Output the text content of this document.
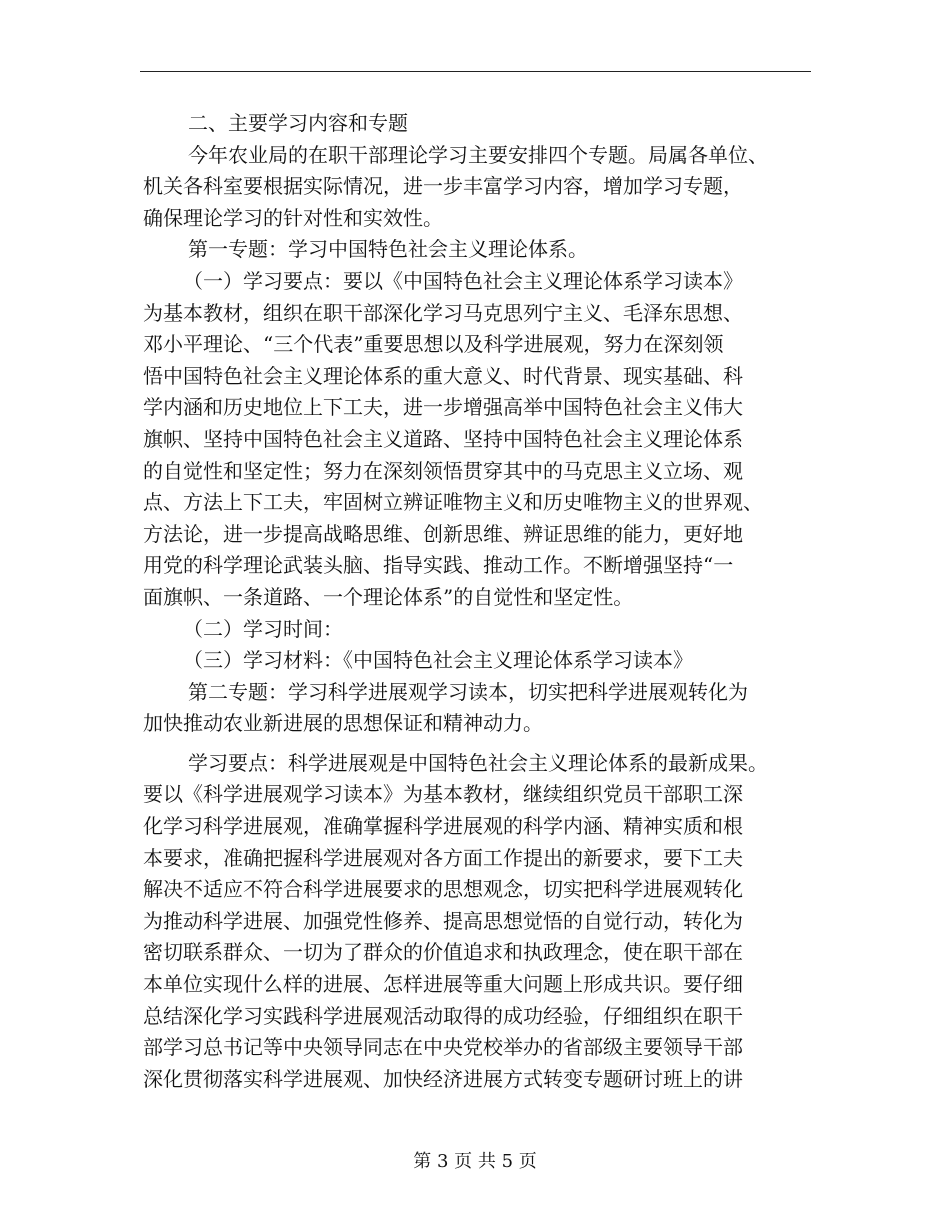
二、主要学习内容和专题
今年农业局的在职干部理论学习主要安排四个专题。局属各单位、
机关各科室要根据实际情况，进一步丰富学习内容，增加学习专题，
确保理论学习的针对性和实效性。
第一专题：学习中国特色社会主义理论体系。
（一）学习要点：要以《中国特色社会主义理论体系学习读本》
为基本教材，组织在职干部深化学习马克思列宁主义、毛泽东思想、
邓小平理论、“三个代表”重要思想以及科学进展观，努力在深刻领
悟中国特色社会主义理论体系的重大意义、时代背景、现实基础、科
学内涵和历史地位上下工夫，进一步增强高举中国特色社会主义伟大
旗帜、坚持中国特色社会主义道路、坚持中国特色社会主义理论体系
的自觉性和坚定性；努力在深刻领悟贯穿其中的马克思主义立场、观
点、方法上下工夫，牢固树立辨证唯物主义和历史唯物主义的世界观、
方法论，进一步提高战略思维、创新思维、辨证思维的能力，更好地
用党的科学理论武装头脑、指导实践、推动工作。不断增强坚持“一
面旗帜、一条道路、一个理论体系”的自觉性和坚定性。
（二）学习时间：
（三）学习材料：《中国特色社会主义理论体系学习读本》
第二专题：学习科学进展观学习读本，切实把科学进展观转化为
加快推动农业新进展的思想保证和精神动力。
学习要点：科学进展观是中国特色社会主义理论体系的最新成果。
要以《科学进展观学习读本》为基本教材，继续组织党员干部职工深
化学习科学进展观，准确掌握科学进展观的科学内涵、精神实质和根
本要求，准确把握科学进展观对各方面工作提出的新要求，要下工夫
解决不适应不符合科学进展要求的思想观念，切实把科学进展观转化
为推动科学进展、加强党性修养、提高思想觉悟的自觉行动，转化为
密切联系群众、一切为了群众的价值追求和执政理念，使在职干部在
本单位实现什么样的进展、怎样进展等重大问题上形成共识。要仔细
总结深化学习实践科学进展观活动取得的成功经验，仔细组织在职干
部学习总书记等中央领导同志在中央党校举办的省部级主要领导干部
深化贯彻落实科学进展观、加快经济进展方式转变专题研讨班上的讲
第 3 页 共 5 页
